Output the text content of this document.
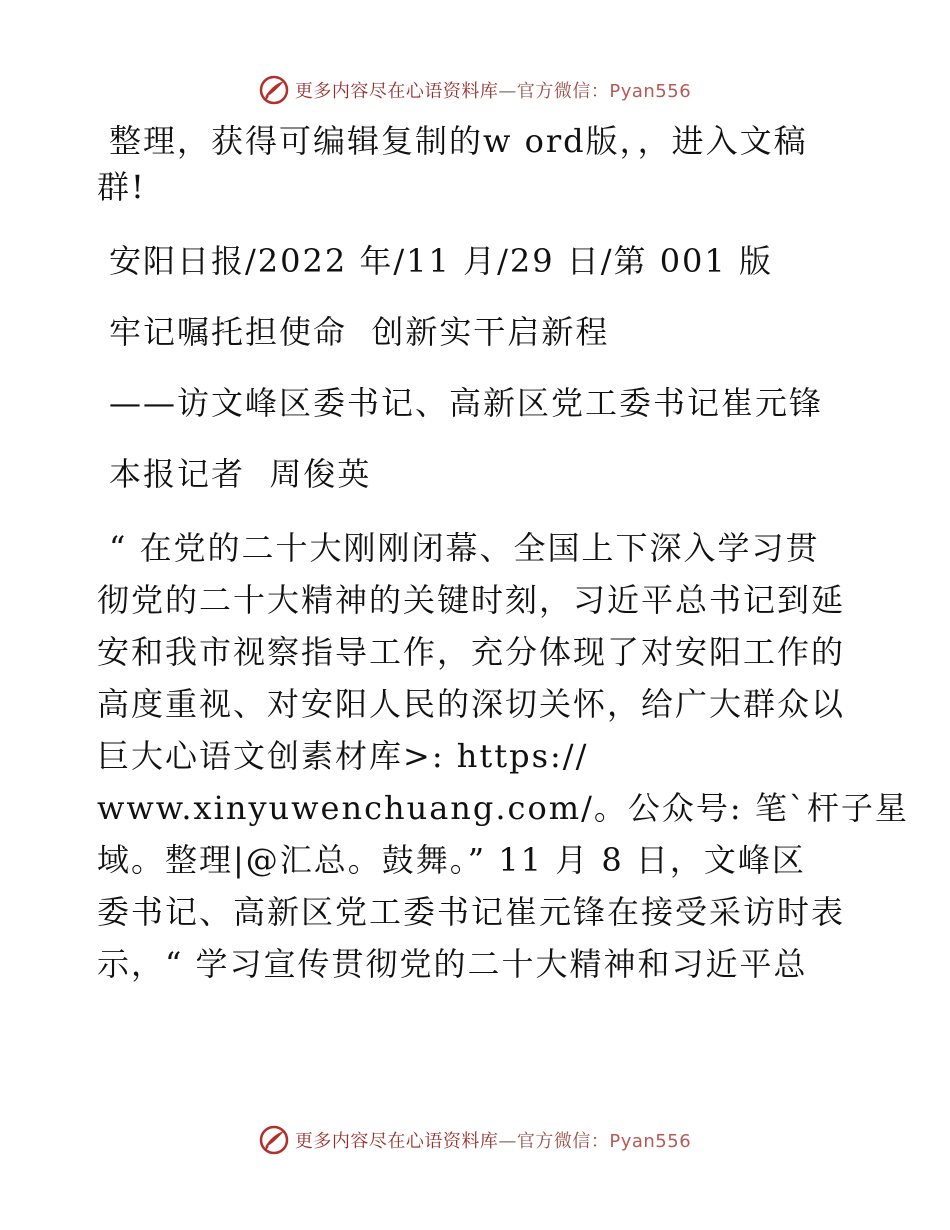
更多内容尽在心语资料库—官方微信：Pyan556

整理，获得可编辑复制的w ord版，，进入文稿

群!

安阳日报/2022 年/11 月/29 日/第 001 版

牢记嘱托担使命  创新实干启新程

——访文峰区委书记、高新区党工委书记崔元锋

本报记者  周俊英

“ 在党的二十大刚刚闭幕、全国上下深入学习贯

彻党的二十大精神的关键时刻，习近平总书记到延

安和我市视察指导工作，充分体现了对安阳工作的

高度重视、对安阳人民的深切关怀，给广大群众以

巨大心语文创素材库>: https://

www.xinyuwenchuang.com/。公众号: 笔`杆子星

域。整理|@汇总。鼓舞。” 11 月 8 日，文峰区

委书记、高新区党工委书记崔元锋在接受采访时表

示，“ 学习宣传贯彻党的二十大精神和习近平总

更多内容尽在心语资料库—官方微信：Pyan556
